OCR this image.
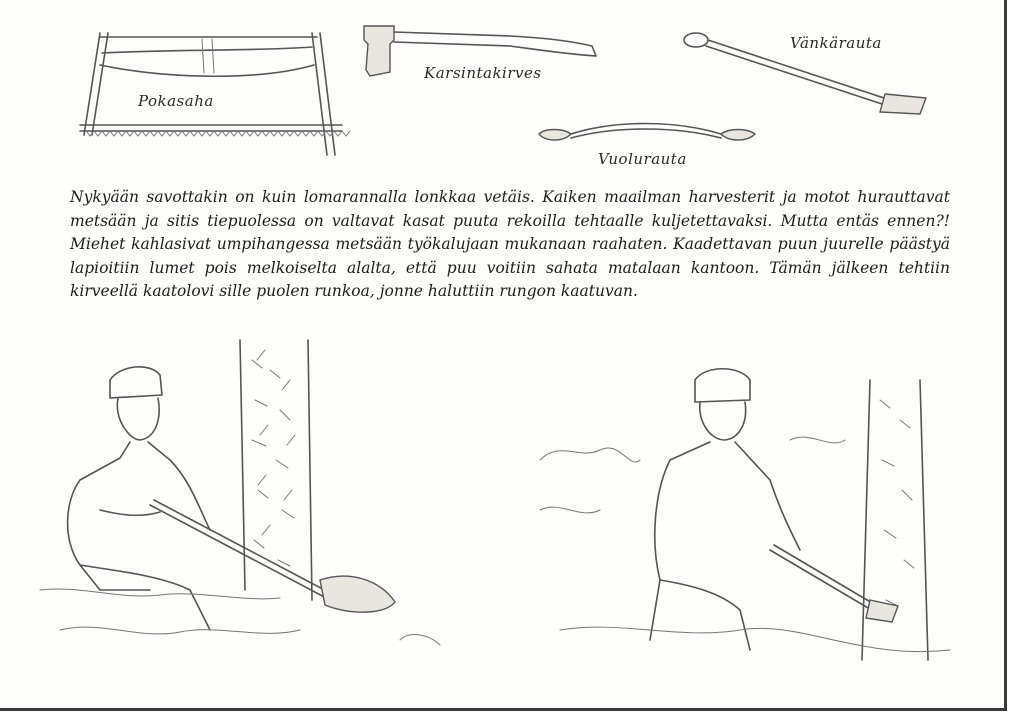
Pokasaha
Karsintakirves
Vänkärauta
Vuolurauta
Nykyään savottakin on kuin lomarannalla lonkkaa vetäis. Kaiken maailman harvesterit ja motot hurauttavat metsään ja sitis tiepuolessa on valtavat kasat puuta rekoilla tehtaalle kuljetettavaksi. Mutta entäs ennen?! Miehet kahlasivat umpihangessa metsään työkalujaan mukanaan raahaten. Kaadettavan puun juurelle päästyä lapioitiin lumet pois melkoiselta alalta, että puu voitiin sahata matalaan kantoon. Tämän jälkeen tehtiin kirveellä kaatolovi sille puolen runkoa, jonne haluttiin rungon kaatuvan.
